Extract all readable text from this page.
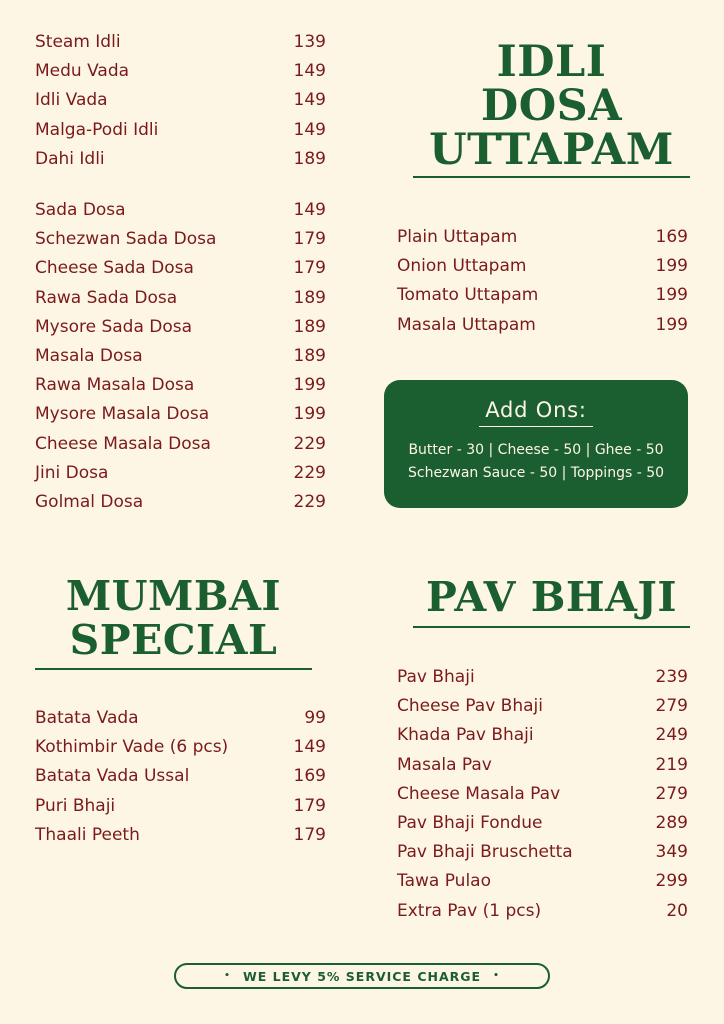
Steam Idli	139
Medu Vada	149
Idli Vada	149
Malga-Podi Idli	149
Dahi Idli	189
Sada Dosa	149
Schezwan Sada Dosa	179
Cheese Sada Dosa	179
Rawa Sada Dosa	189
Mysore Sada Dosa	189
Masala Dosa	189
Rawa Masala Dosa	199
Mysore Masala Dosa	199
Cheese Masala Dosa	229
Jini Dosa	229
Golmal Dosa	229
IDLI
DOSA
UTTAPAM
Plain Uttapam	169
Onion Uttapam	199
Tomato Uttapam	199
Masala Uttapam	199
Add Ons:
Butter - 30 | Cheese - 50 | Ghee - 50
Schezwan Sauce - 50 | Toppings - 50
MUMBAI
SPECIAL
Batata Vada	99
Kothimbir Vade (6 pcs)	149
Batata Vada Ussal	169
Puri Bhaji	179
Thaali Peeth	179
PAV BHAJI
Pav Bhaji	239
Cheese Pav Bhaji	279
Khada Pav Bhaji	249
Masala Pav	219
Cheese Masala Pav	279
Pav Bhaji Fondue	289
Pav Bhaji Bruschetta	349
Tawa Pulao	299
Extra Pav (1 pcs)	20
• WE LEVY 5% SERVICE CHARGE •
